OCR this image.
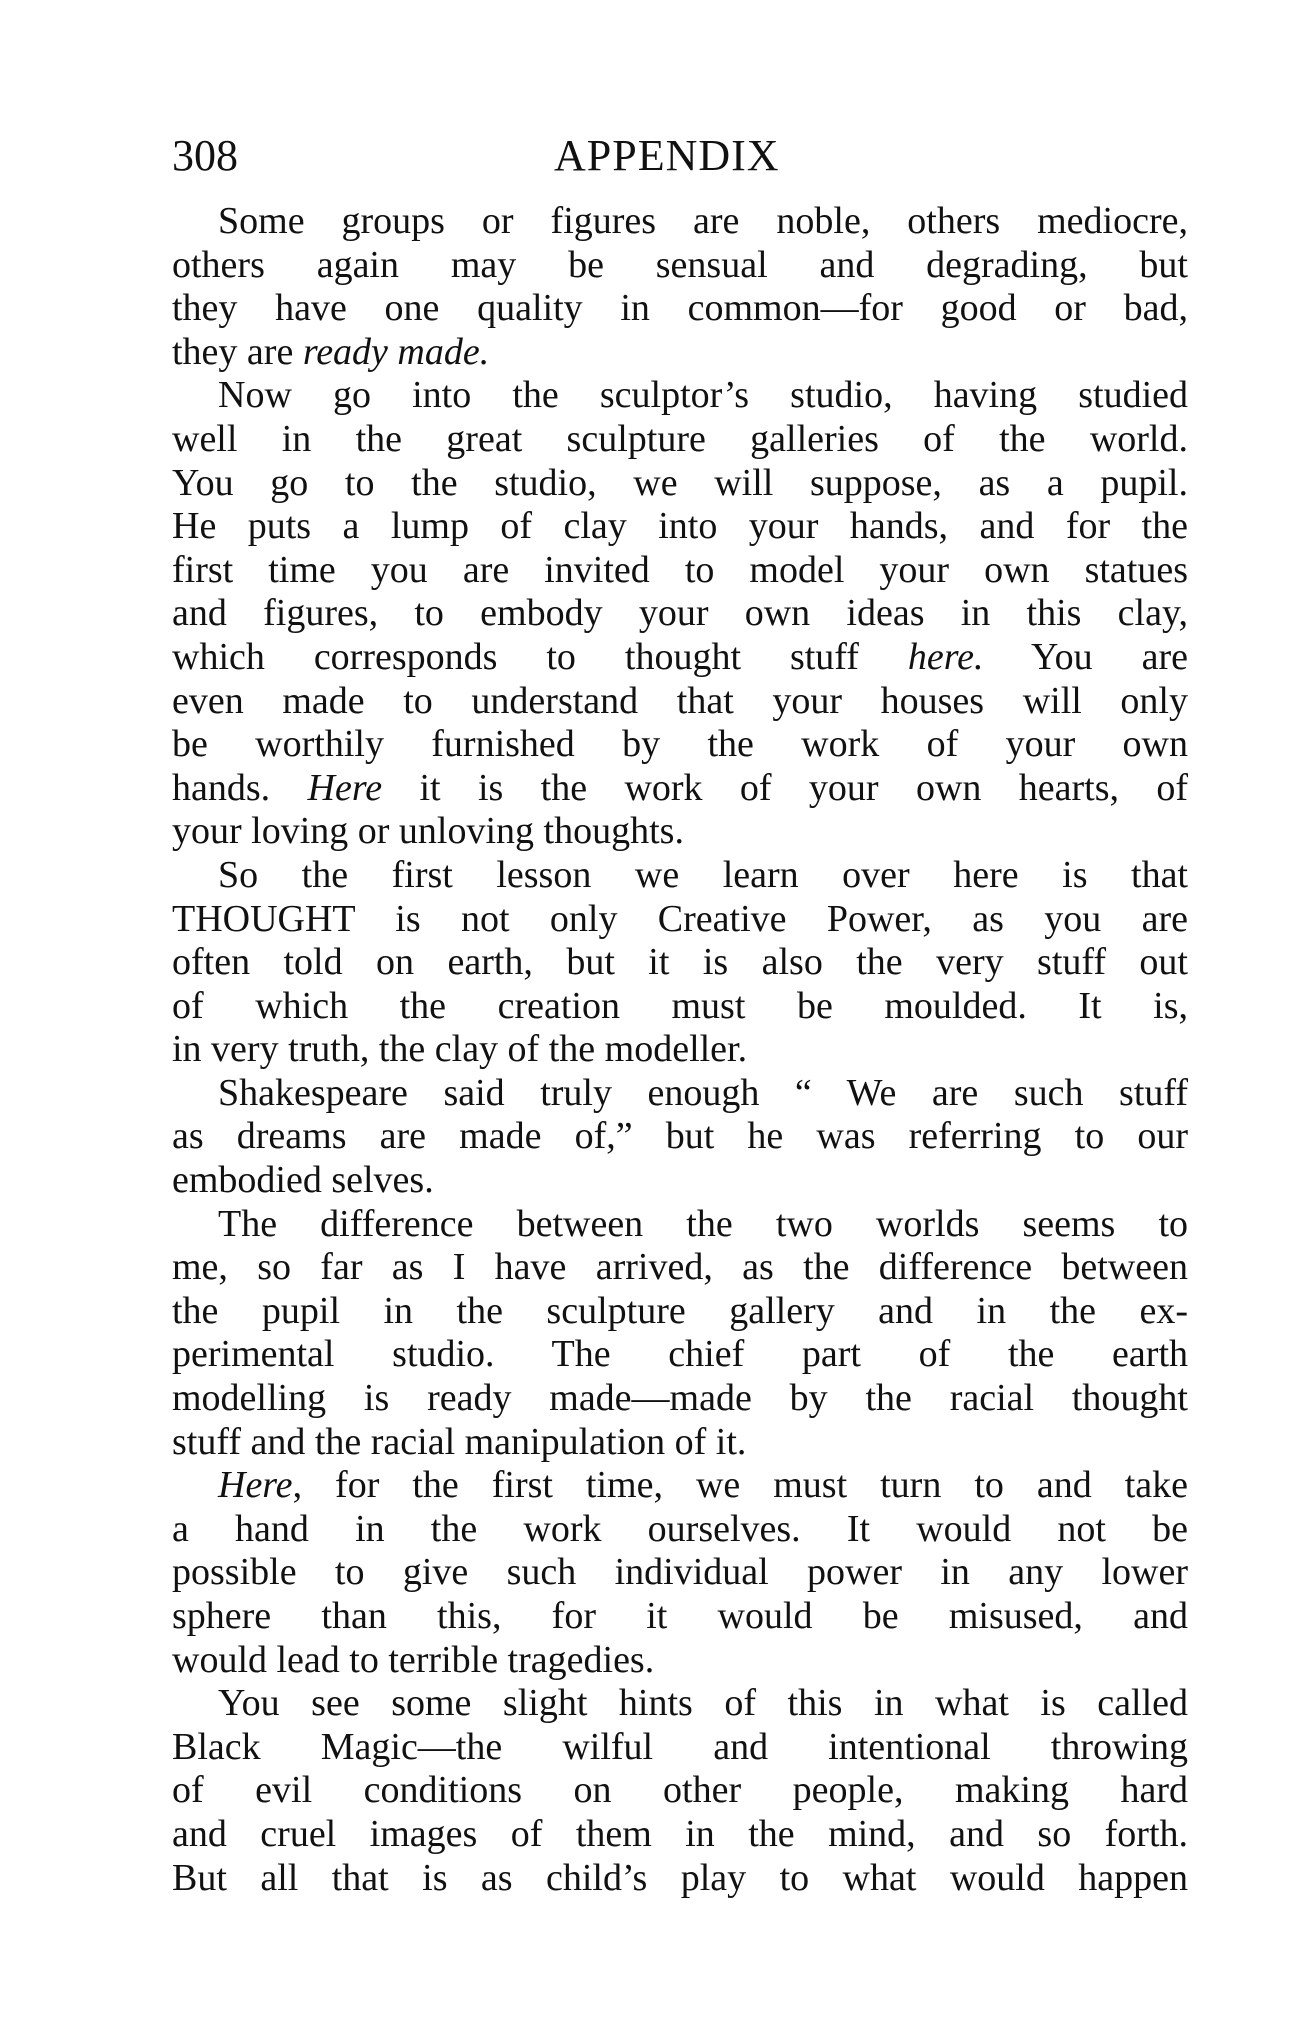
308	APPENDIX
Some groups or figures are noble, others mediocre,
others again may be sensual and degrading, but
they have one quality in common—for good or bad,
they are ready made.
Now go into the sculptor’s studio, having studied
well in the great sculpture galleries of the world.
You go to the studio, we will suppose, as a pupil.
He puts a lump of clay into your hands, and for the
first time you are invited to model your own statues
and figures, to embody your own ideas in this clay,
which corresponds to thought stuff here. You are
even made to understand that your houses will only
be worthily furnished by the work of your own
hands. Here it is the work of your own hearts, of
your loving or unloving thoughts.
So the first lesson we learn over here is that
THOUGHT is not only Creative Power, as you are
often told on earth, but it is also the very stuff out
of which the creation must be moulded. It is,
in very truth, the clay of the modeller.
Shakespeare said truly enough “ We are such stuff
as dreams are made of,” but he was referring to our
embodied selves.
The difference between the two worlds seems to
me, so far as I have arrived, as the difference between
the pupil in the sculpture gallery and in the ex-
perimental studio. The chief part of the earth
modelling is ready made—made by the racial thought
stuff and the racial manipulation of it.
Here, for the first time, we must turn to and take
a hand in the work ourselves. It would not be
possible to give such individual power in any lower
sphere than this, for it would be misused, and
would lead to terrible tragedies.
You see some slight hints of this in what is called
Black Magic—the wilful and intentional throwing
of evil conditions on other people, making hard
and cruel images of them in the mind, and so forth.
But all that is as child’s play to what would happen
